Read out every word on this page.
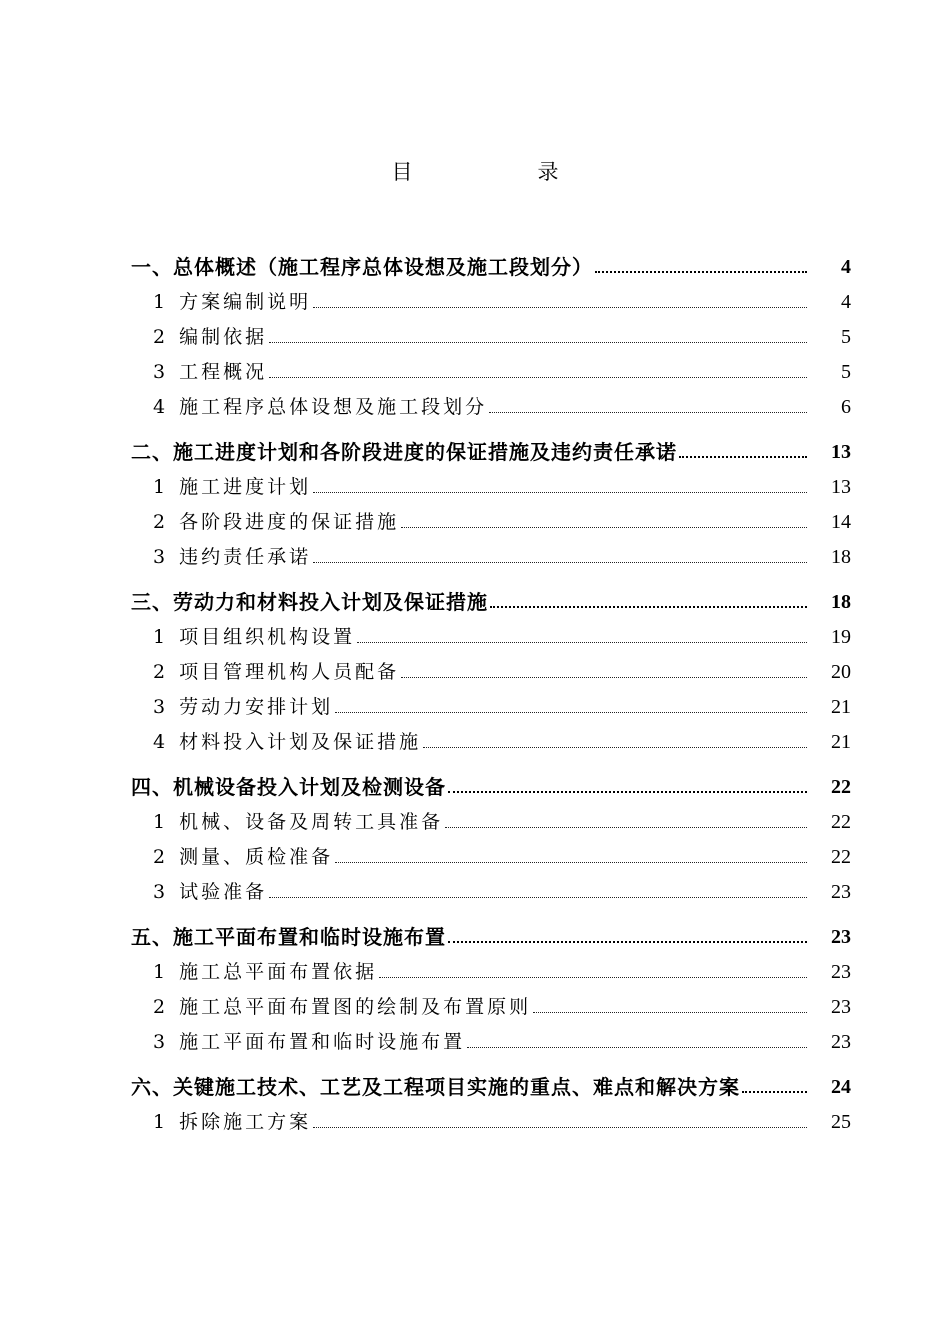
目　录
一、总体概述（施工程序总体设想及施工段划分）	4
1 方案编制说明	4
2 编制依据	5
3 工程概况	5
4 施工程序总体设想及施工段划分	6
二、施工进度计划和各阶段进度的保证措施及违约责任承诺	13
1 施工进度计划	13
2 各阶段进度的保证措施	14
3 违约责任承诺	18
三、劳动力和材料投入计划及保证措施	18
1 项目组织机构设置	19
2 项目管理机构人员配备	20
3 劳动力安排计划	21
4 材料投入计划及保证措施	21
四、机械设备投入计划及检测设备	22
1 机械、设备及周转工具准备	22
2 测量、质检准备	22
3 试验准备	23
五、施工平面布置和临时设施布置	23
1 施工总平面布置依据	23
2 施工总平面布置图的绘制及布置原则	23
3 施工平面布置和临时设施布置	23
六、关键施工技术、工艺及工程项目实施的重点、难点和解决方案	24
1 拆除施工方案	25
